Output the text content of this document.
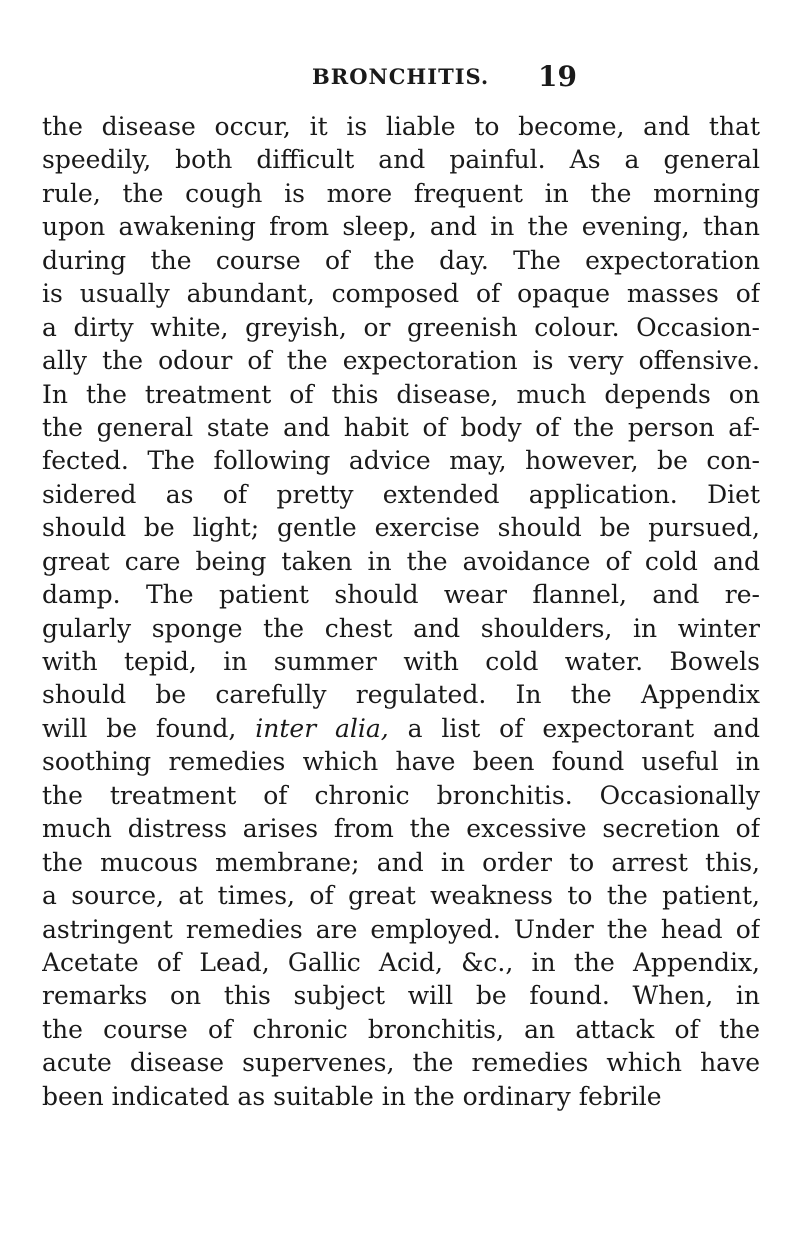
BRONCHITIS. 19
the disease occur, it is liable to become, and that
speedily, both difficult and painful. As a general
rule, the cough is more frequent in the morning
upon awakening from sleep, and in the evening, than
during the course of the day. The expectoration
is usually abundant, composed of opaque masses of
a dirty white, greyish, or greenish colour. Occasion-
ally the odour of the expectoration is very offensive.
In the treatment of this disease, much depends on
the general state and habit of body of the person af-
fected. The following advice may, however, be con-
sidered as of pretty extended application. Diet
should be light; gentle exercise should be pursued,
great care being taken in the avoidance of cold and
damp. The patient should wear flannel, and re-
gularly sponge the chest and shoulders, in winter
with tepid, in summer with cold water. Bowels
should be carefully regulated. In the Appendix
will be found, inter alia, a list of expectorant and
soothing remedies which have been found useful in
the treatment of chronic bronchitis. Occasionally
much distress arises from the excessive secretion of
the mucous membrane; and in order to arrest this,
a source, at times, of great weakness to the patient,
astringent remedies are employed. Under the head of
Acetate of Lead, Gallic Acid, &c., in the Appendix,
remarks on this subject will be found. When, in
the course of chronic bronchitis, an attack of the
acute disease supervenes, the remedies which have
been indicated as suitable in the ordinary febrile
